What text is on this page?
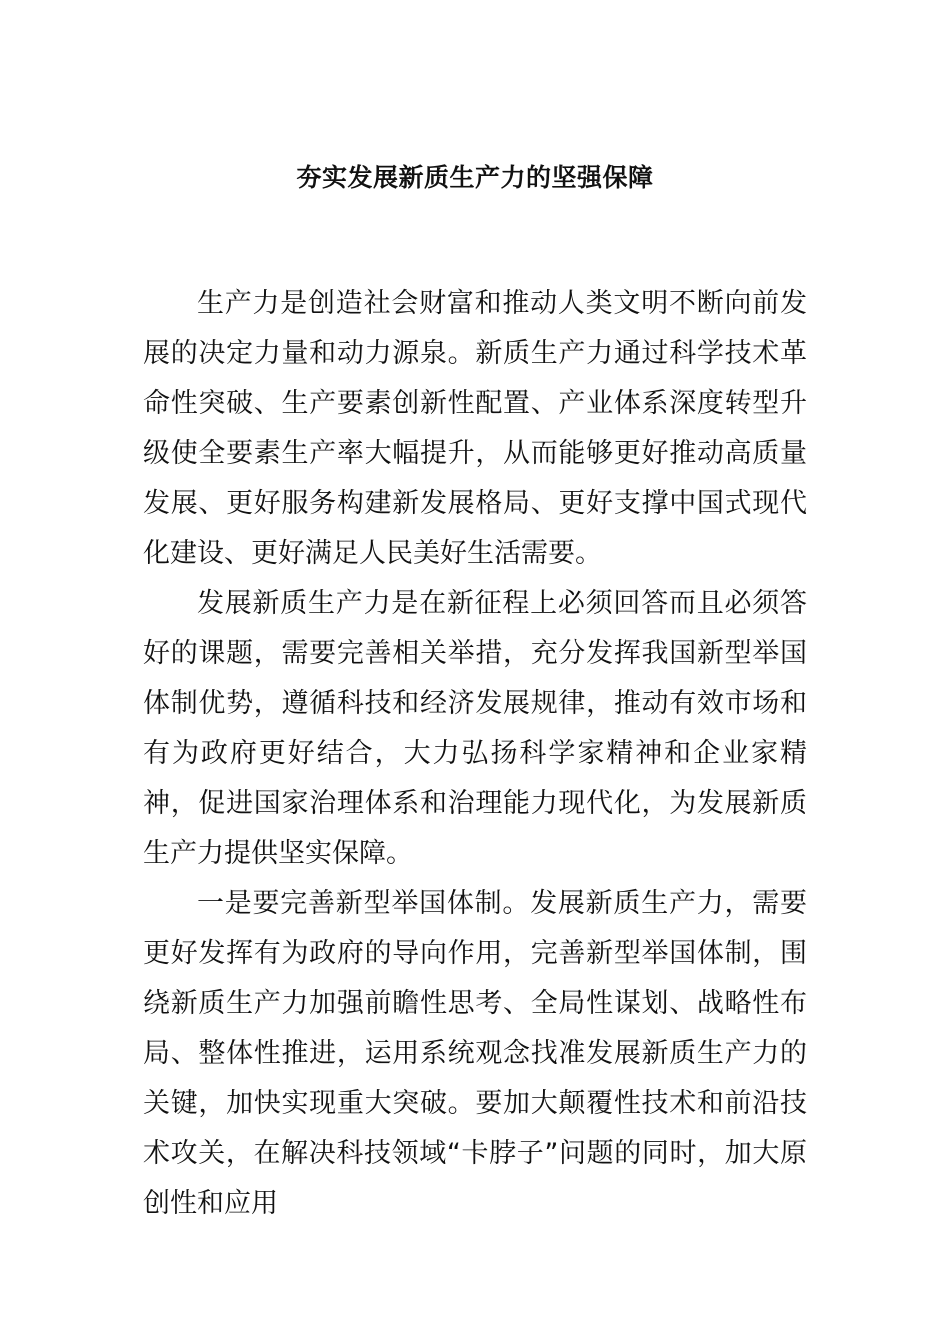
夯实发展新质生产力的坚强保障

生产力是创造社会财富和推动人类文明不断向前发展的决定力量和动力源泉。新质生产力通过科学技术革命性突破、生产要素创新性配置、产业体系深度转型升级使全要素生产率大幅提升，从而能够更好推动高质量发展、更好服务构建新发展格局、更好支撑中国式现代化建设、更好满足人民美好生活需要。

发展新质生产力是在新征程上必须回答而且必须答好的课题，需要完善相关举措，充分发挥我国新型举国体制优势，遵循科技和经济发展规律，推动有效市场和有为政府更好结合，大力弘扬科学家精神和企业家精神，促进国家治理体系和治理能力现代化，为发展新质生产力提供坚实保障。

一是要完善新型举国体制。发展新质生产力，需要更好发挥有为政府的导向作用，完善新型举国体制，围绕新质生产力加强前瞻性思考、全局性谋划、战略性布局、整体性推进，运用系统观念找准发展新质生产力的关键，加快实现重大突破。要加大颠覆性技术和前沿技术攻关，在解决科技领域“卡脖子”问题的同时，加大原创性和应用
